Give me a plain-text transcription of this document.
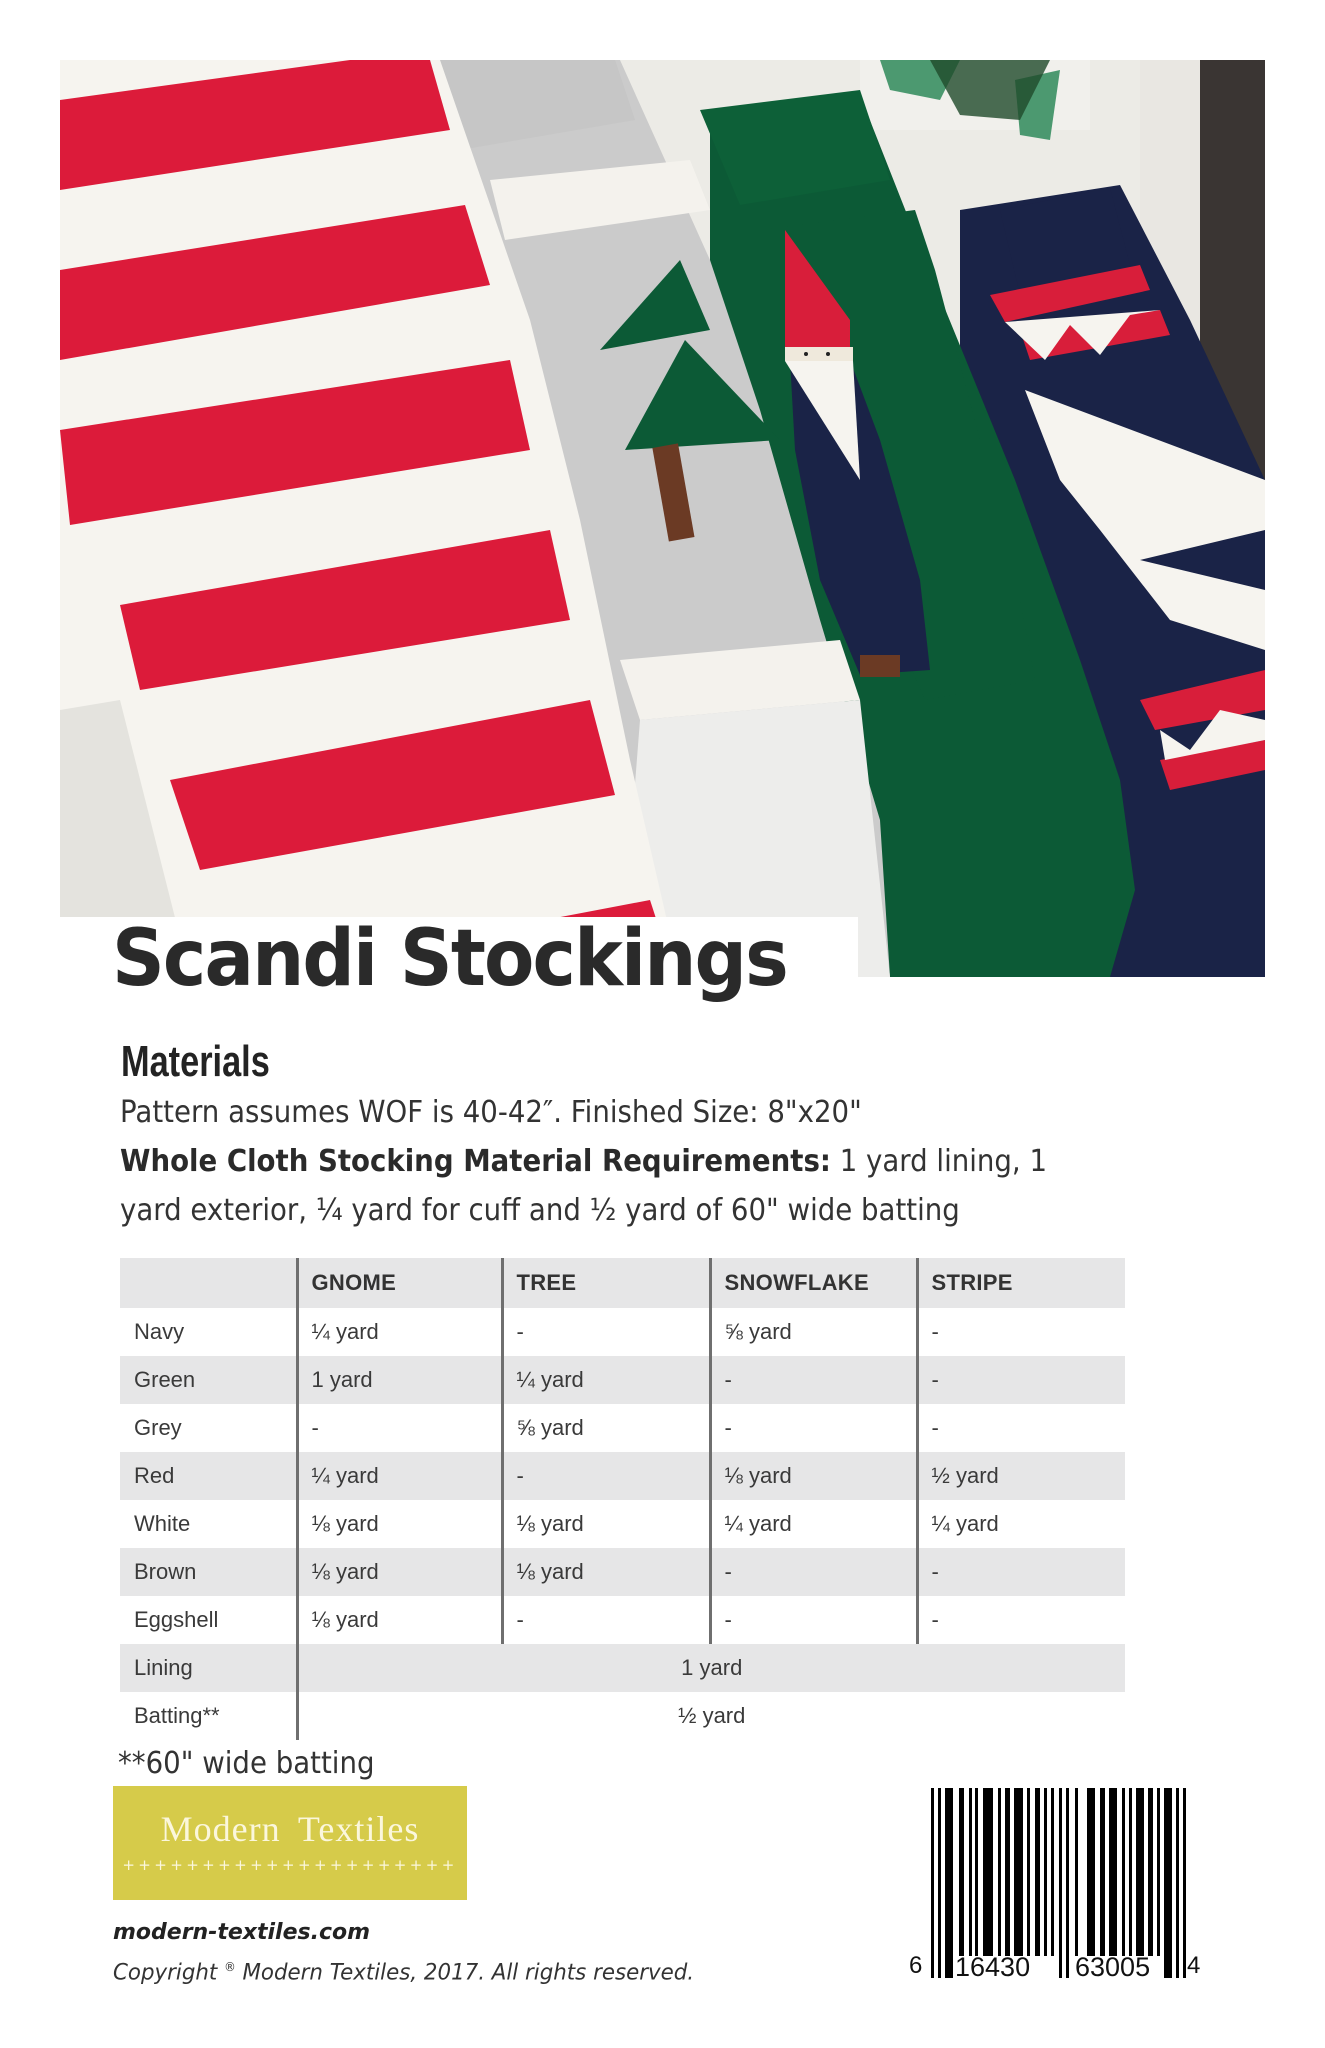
Scandi Stockings
Materials
Pattern assumes WOF is 40-42″. Finished Size: 8"x20"
Whole Cloth Stocking Material Requirements: 1 yard lining, 1
yard exterior, ¼ yard for cuff and ½ yard of 60" wide batting
	GNOME	TREE	SNOWFLAKE	STRIPE
Navy	¼ yard	-	⅝ yard	-
Green	1 yard	¼ yard	-	-
Grey	-	⅝ yard	-	-
Red	¼ yard	-	⅛ yard	½ yard
White	⅛ yard	⅛ yard	¼ yard	¼ yard
Brown	⅛ yard	⅛ yard	-	-
Eggshell	⅛ yard	-	-	-
Lining	1 yard			
Batting**	½ yard			
**60" wide batting
Modern Textiles
+++++++++++++++++++++
modern-textiles.com
Copyright ® Modern Textiles, 2017. All rights reserved.	6 16430 63005 4
